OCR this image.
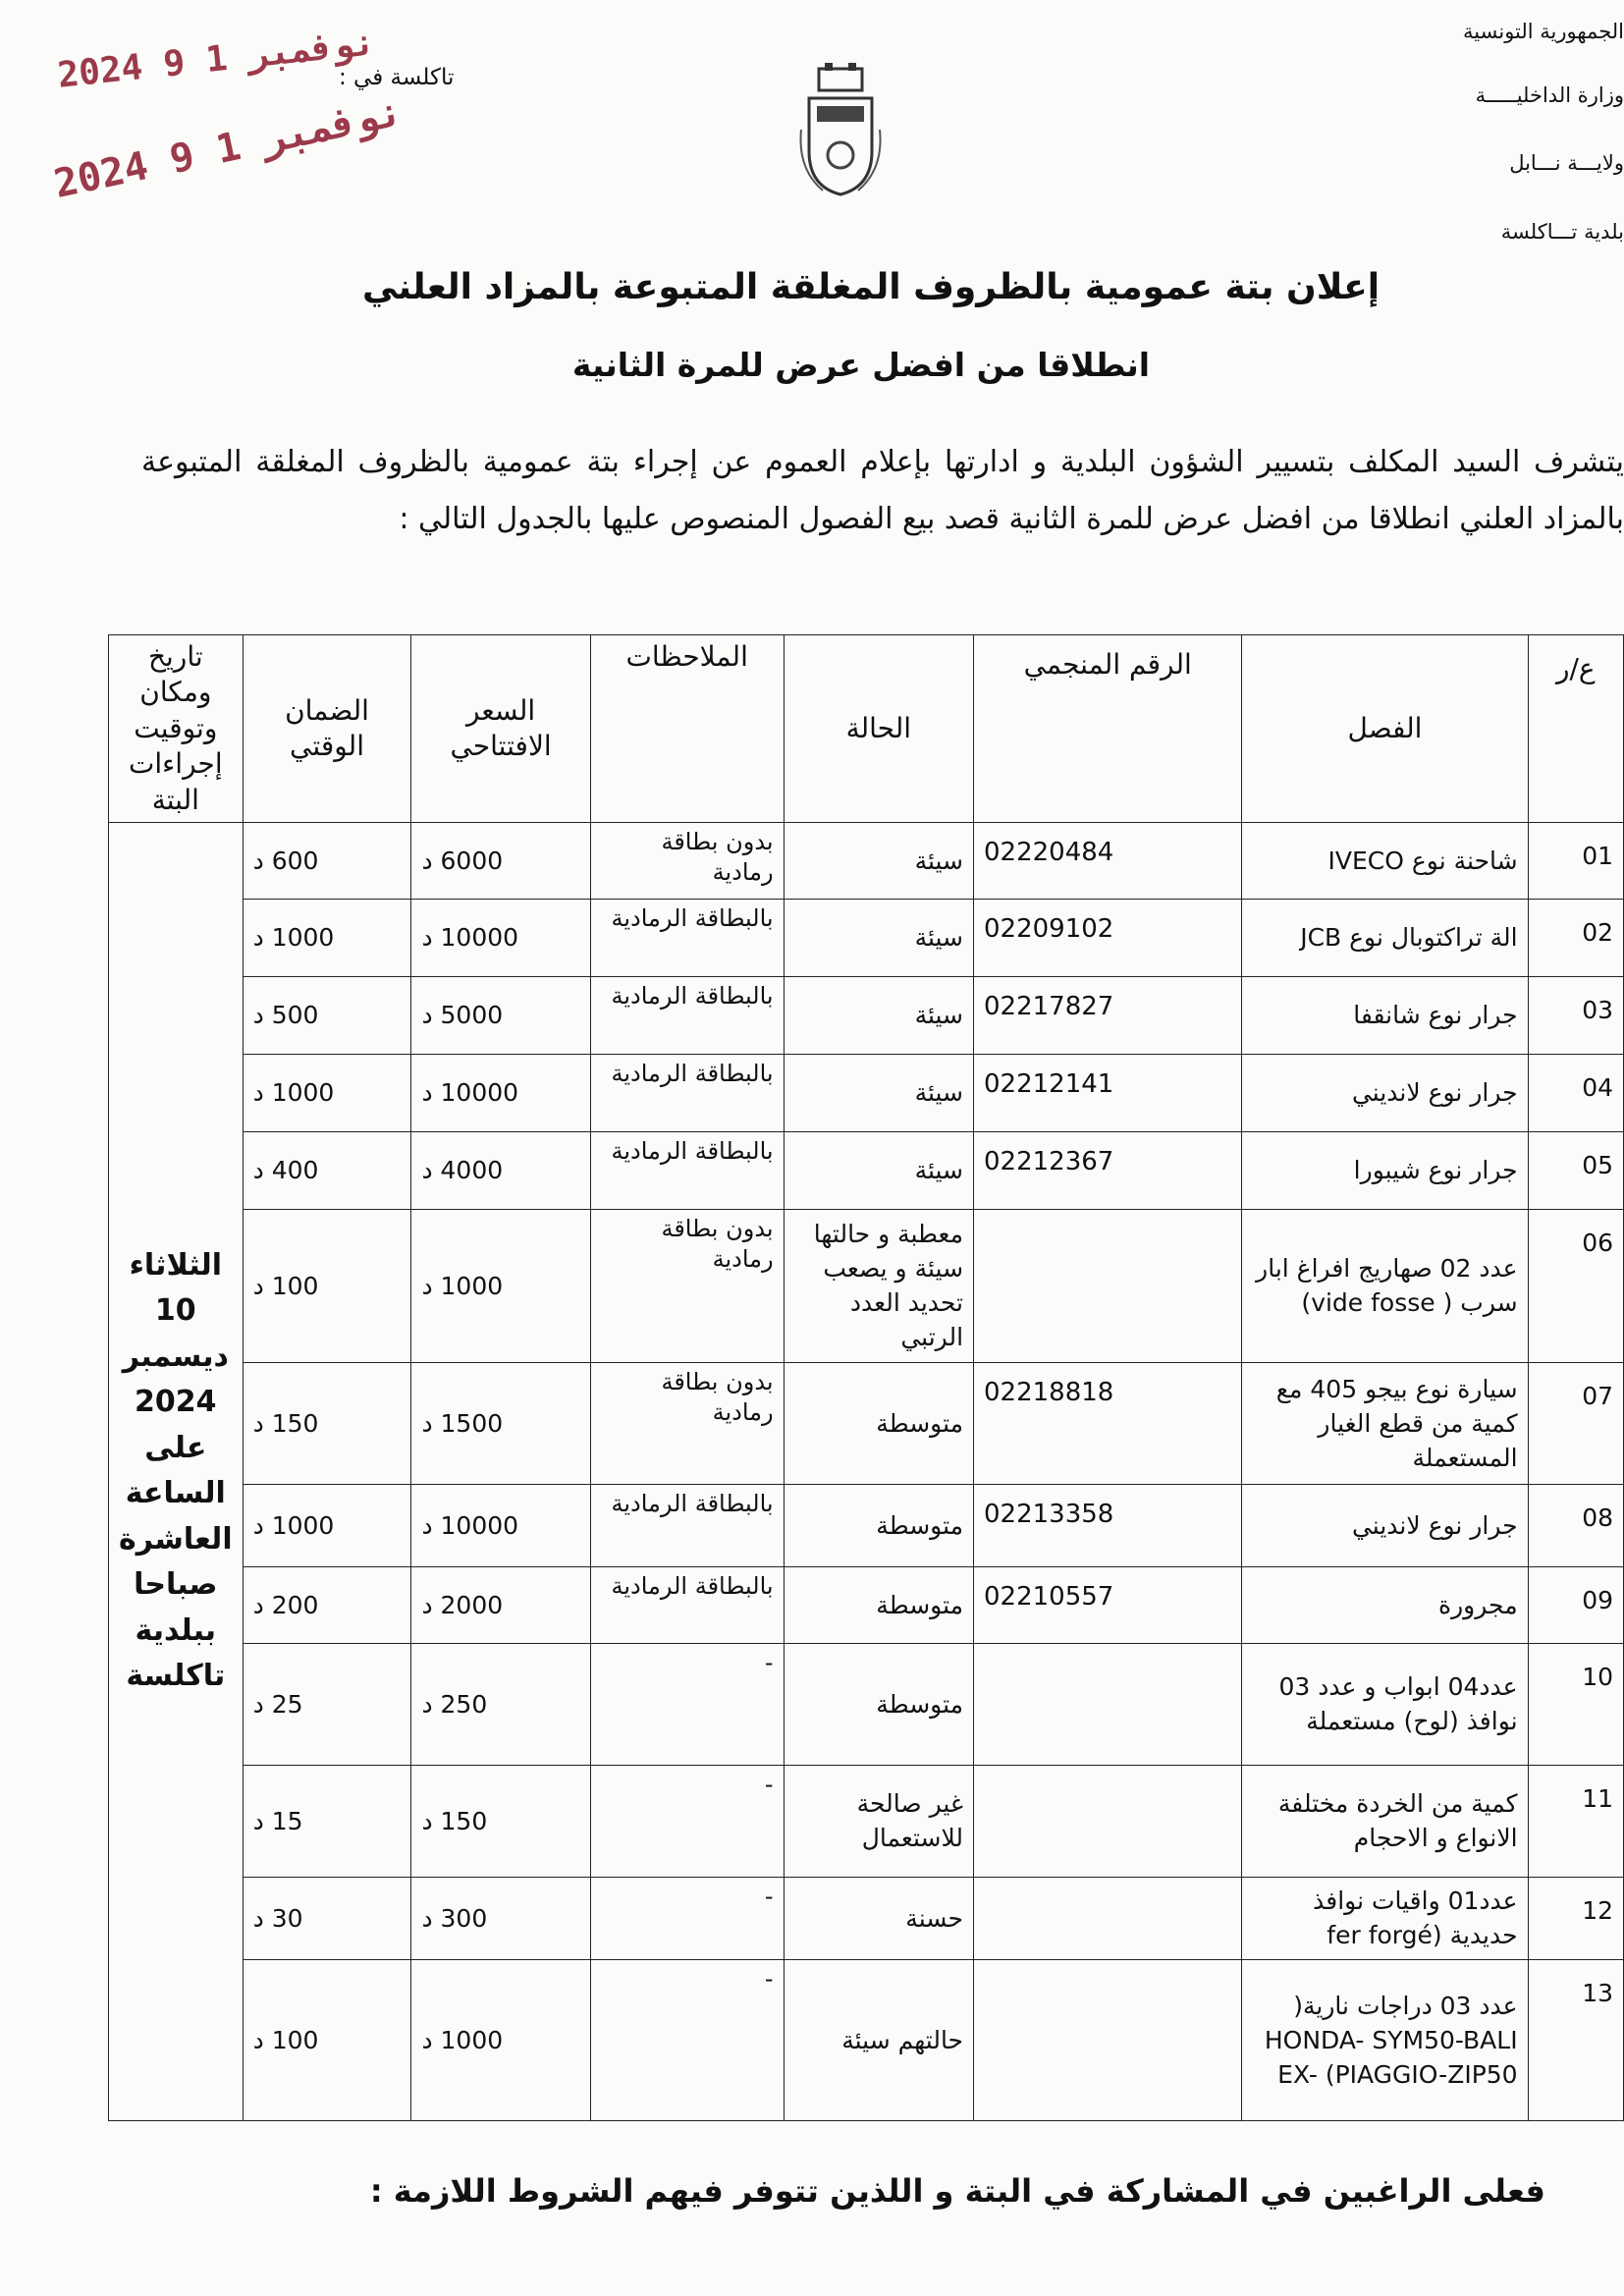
الجمهورية التونسية
وزارة الداخليـــــة
ولايـــة نـــابل
بلدية تـــاكلسة
تاكلسة في :
2024 نوفمبر 1 9
2024 نوفمبر 1 9
إعلان بتة عمومية بالظروف المغلقة المتبوعة بالمزاد العلني
انطلاقا من افضل عرض للمرة الثانية
يتشرف السيد المكلف بتسيير الشؤون البلدية و ادارتها بإعلام العموم عن إجراء بتة عمومية بالظروف المغلقة المتبوعة بالمزاد العلني انطلاقا من افضل عرض للمرة الثانية قصد بيع الفصول المنصوص عليها بالجدول التالي :
ع/ر	الفصل	الرقم المنجمي	الحالة	الملاحظات	السعر الافتتاحي	الضمان الوقتي	تاريخ ومكان وتوقيت إجراءات البتة
01	شاحنة نوع IVECO	02220484	سيئة	بدون بطاقة رمادية	6000 د	600 د	الثلاثاء 10 ديسمبر 2024 على الساعة العاشرة صباحا ببلدية تاكلسة
02	الة تراكتوبال نوع JCB	02209102	سيئة	بالبطاقة الرمادية	10000 د	1000 د	
03	جرار نوع شانقفا	02217827	سيئة	بالبطاقة الرمادية	5000 د	500 د	
04	جرار نوع لانديني	02212141	سيئة	بالبطاقة الرمادية	10000 د	1000 د	
05	جرار نوع شيبورا	02212367	سيئة	بالبطاقة الرمادية	4000 د	400 د	
06	عدد 02 صهاريج افراغ ابار سرب ( vide fosse)		معطبة و حالتها سيئة و يصعب تحديد العدد الرتبي	بدون بطاقة رمادية	1000 د	100 د	
07	سيارة نوع بيجو 405 مع كمية من قطع الغيار المستعملة	02218818	متوسطة	بدون بطاقة رمادية	1500 د	150 د	
08	جرار نوع لانديني	02213358	متوسطة	بالبطاقة الرمادية	10000 د	1000 د	
09	مجرورة	02210557	متوسطة	بالبطاقة الرمادية	2000 د	200 د	
10	عدد04 ابواب و عدد 03 نوافذ (لوح) مستعملة		متوسطة	-	250 د	25 د	
11	كمية من الخردة مختلفة الانواع و الاحجام		غير صالحة للاستعمال	-	150 د	15 د	
12	عدد01 واقيات نوافذ حديدية (fer forgé		حسنة	-	300 د	30 د	
13	عدد 03 دراجات نارية( HONDA- SYM50-BALI EX- (PIAGGIO-ZIP50		حالتهم سيئة	-	1000 د	100 د	
فعلى الراغبين في المشاركة في البتة و اللذين تتوفر فيهم الشروط اللازمة :
